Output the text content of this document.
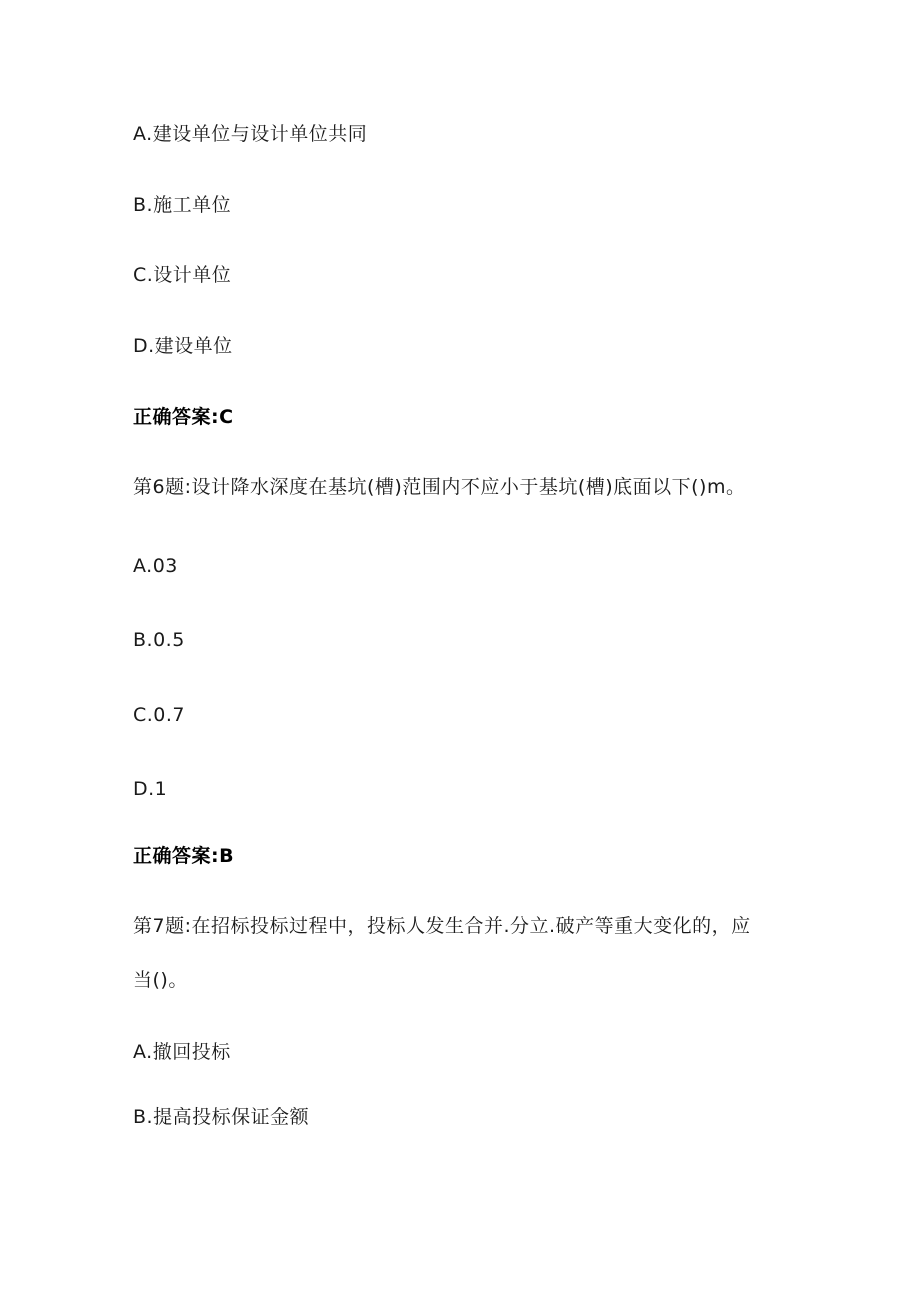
A.建设单位与设计单位共同
B.施工单位
C.设计单位
D.建设单位
正确答案:C
第6题:设计降水深度在基坑(槽)范围内不应小于基坑(槽)底面以下()m。
A.03
B.0.5
C.0.7
D.1
正确答案:B
第7题:在招标投标过程中，投标人发生合并.分立.破产等重大变化的，应
当()。
A.撤回投标
B.提高投标保证金额
